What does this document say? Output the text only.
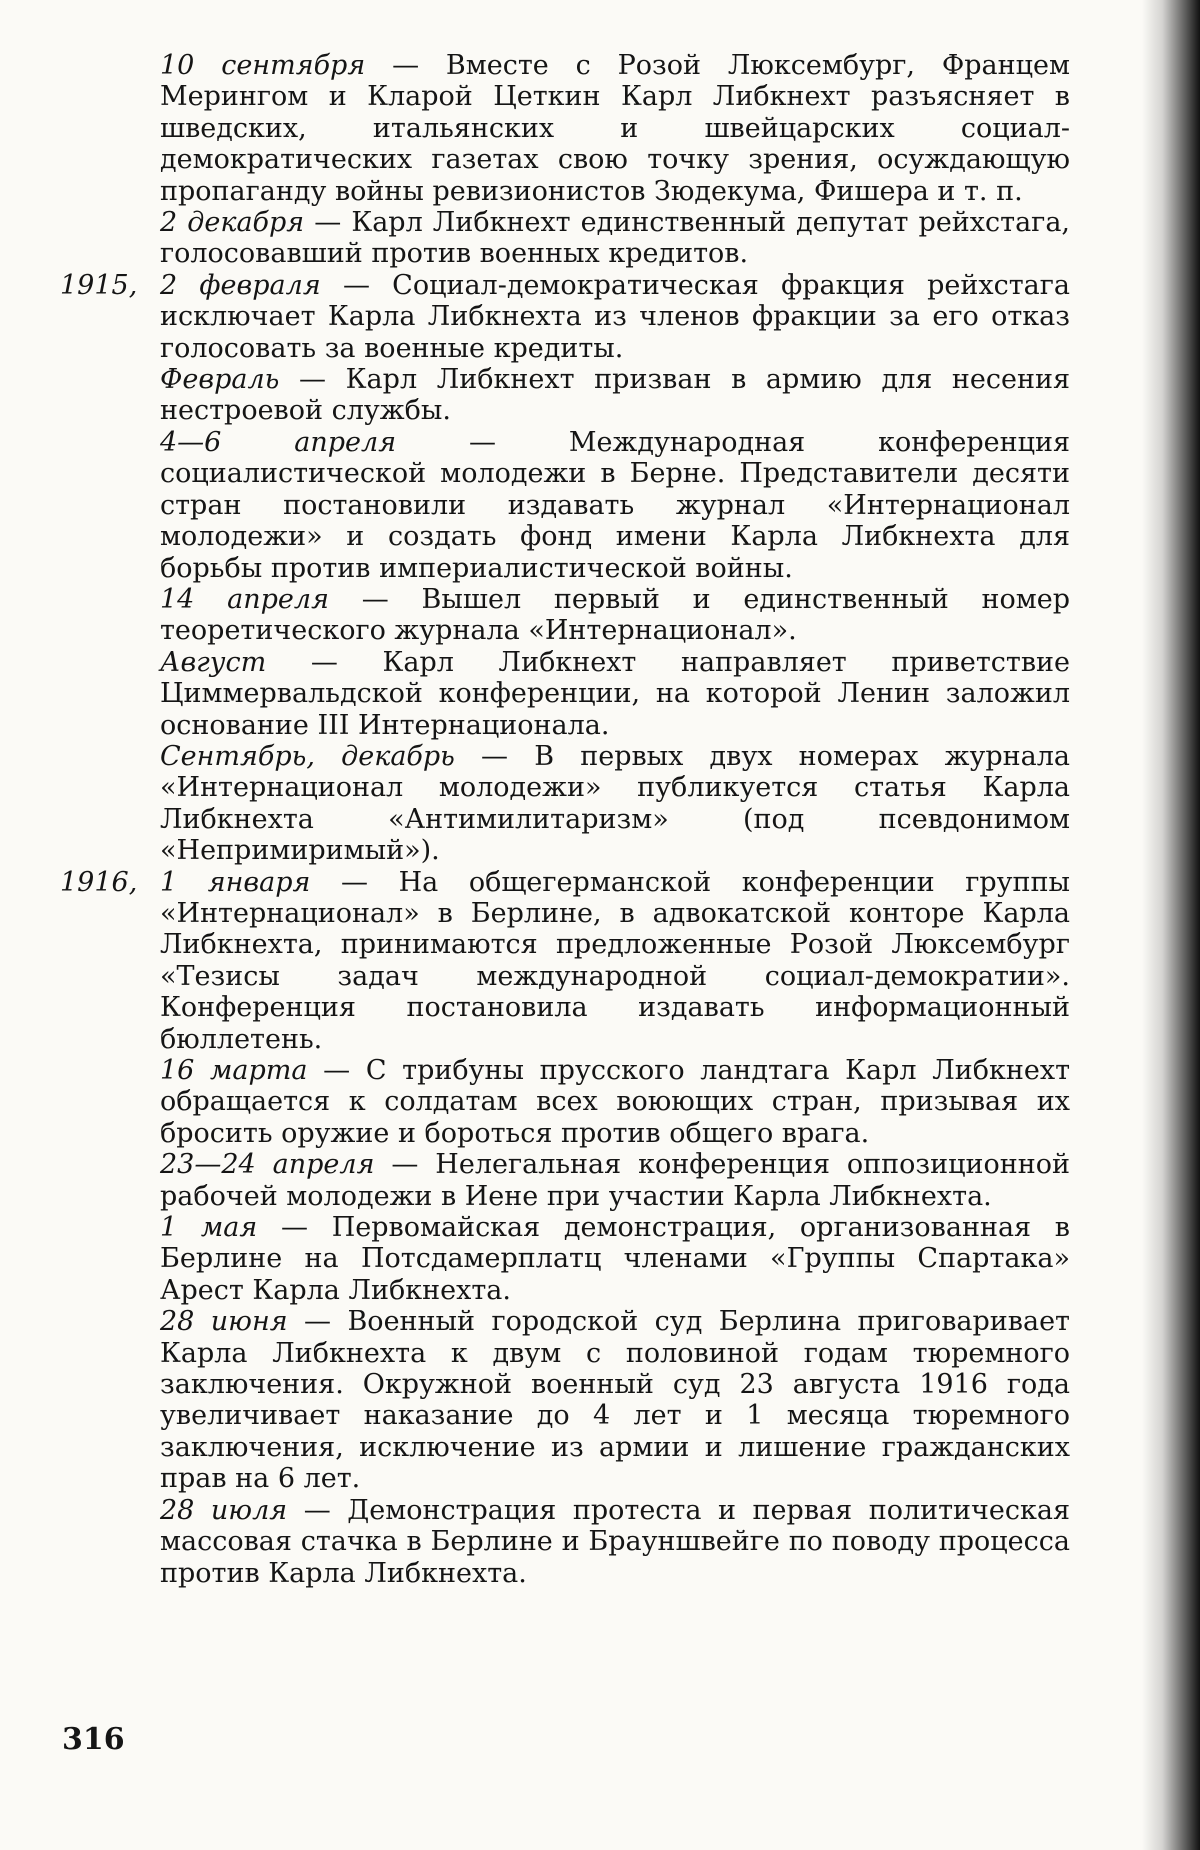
10 сентября — Вместе с Розой Люксембург, Францем Мерингом и Кларой Цеткин Карл Либкнехт разъясняет в шведских, итальянских и швейцарских социал-демократических газетах свою точку зрения, осуждающую пропаганду войны ревизионистов Зюдекума, Фишера и т. п.
2 декабря — Карл Либкнехт единственный депутат рейхстага, голосовавший против военных кредитов.
1915, 2 февраля — Социал-демократическая фракция рейхстага исключает Карла Либкнехта из членов фракции за его отказ голосовать за военные кредиты.
Февраль — Карл Либкнехт призван в армию для несения нестроевой службы.
4—6 апреля — Международная конференция социалистической молодежи в Берне. Представители десяти стран постановили издавать журнал «Интернационал молодежи» и создать фонд имени Карла Либкнехта для борьбы против империалистической войны.
14 апреля — Вышел первый и единственный номер теоретического журнала «Интернационал».
Август — Карл Либкнехт направляет приветствие Циммервальдской конференции, на которой Ленин заложил основание III Интернационала.
Сентябрь, декабрь — В первых двух номерах журнала «Интернационал молодежи» публикуется статья Карла Либкнехта «Антимилитаризм» (под псевдонимом «Непримиримый»).
1916, 1 января — На общегерманской конференции группы «Интернационал» в Берлине, в адвокатской конторе Карла Либкнехта, принимаются предложенные Розой Люксембург «Тезисы задач международной социал-демократии». Конференция постановила издавать информационный бюллетень.
16 марта — С трибуны прусского ландтага Карл Либкнехт обращается к солдатам всех воюющих стран, призывая их бросить оружие и бороться против общего врага.
23—24 апреля — Нелегальная конференция оппозиционной рабочей молодежи в Иене при участии Карла Либкнехта.
1 мая — Первомайская демонстрация, организованная в Берлине на Потсдамерплатц членами «Группы Спартака» Арест Карла Либкнехта.
28 июня — Военный городской суд Берлина приговаривает Карла Либкнехта к двум с половиной годам тюремного заключения. Окружной военный суд 23 августа 1916 года увеличивает наказание до 4 лет и 1 месяца тюремного заключения, исключение из армии и лишение гражданских прав на 6 лет.
28 июля — Демонстрация протеста и первая политическая массовая стачка в Берлине и Брауншвейге по поводу процесса против Карла Либкнехта.
316
